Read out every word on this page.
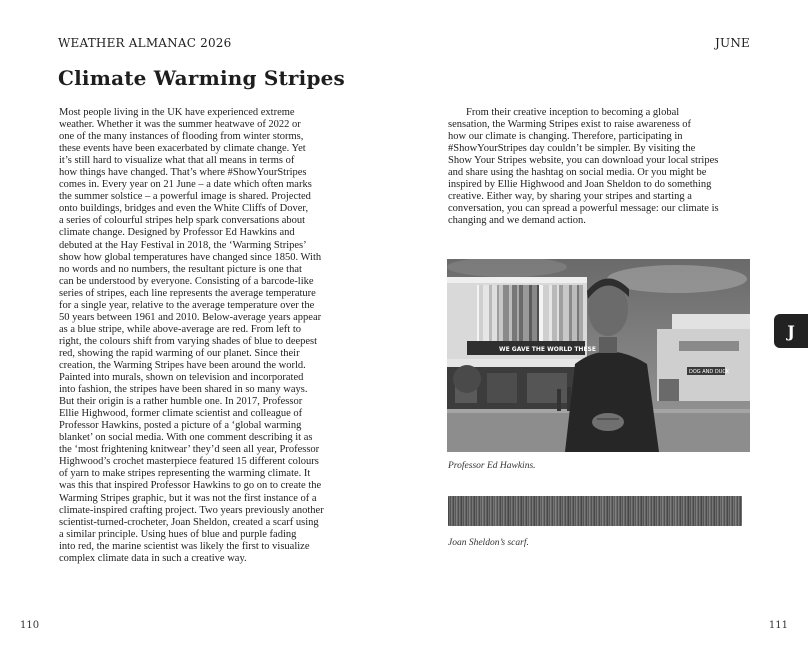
WEATHER ALMANAC 2026
Climate Warming Stripes

Most people living in the UK have experienced extreme

weather. Whether it was the summer heatwave of 2022 or

one of the many instances of flooding from winter storms,

these events have been exacerbated by climate change. Yet

it’s still hard to visualize what that all means in terms of

how things have changed. That’s where #ShowYourStripes

comes in. Every year on 21 June – a date which often marks

the summer solstice – a powerful image is shared. Projected

onto buildings, bridges and even the White Cliffs of Dover,

a series of colourful stripes help spark conversations about

climate change. Designed by Professor Ed Hawkins and

debuted at the Hay Festival in 2018, the ‘Warming Stripes’

show how global temperatures have changed since 1850. With

no words and no numbers, the resultant picture is one that

can be understood by everyone. Consisting of a barcode-like

series of stripes, each line represents the average temperature

for a single year, relative to the average temperature over the

50 years between 1961 and 2010. Below-average years appear

as a blue stripe, while above-average are red. From left to

right, the colours shift from varying shades of blue to deepest

red, showing the rapid warming of our planet. Since their

creation, the Warming Stripes have been around the world.

Painted into murals, shown on television and incorporated

into fashion, the stripes have been shared in so many ways.

But their origin is a rather humble one. In 2017, Professor

Ellie Highwood, former climate scientist and colleague of

Professor Hawkins, posted a picture of a ‘global warming

blanket’ on social media. With one comment describing it as

the ‘most frightening knitwear’ they’d seen all year, Professor

Highwood’s crochet masterpiece featured 15 different colours

of yarn to make stripes representing the warming climate. It

was this that inspired Professor Hawkins to go on to create the

Warming Stripes graphic, but it was not the first instance of a

climate-inspired crafting project. Two years previously another

scientist-turned-crocheter, Joan Sheldon, created a scarf using

a similar principle. Using hues of blue and purple fading

into red, the marine scientist was likely the first to visualize

complex climate data in such a creative way.

110
JUNE

From their creative inception to becoming a global

sensation, the Warming Stripes exist to raise awareness of

how our climate is changing. Therefore, participating in

#ShowYourStripes day couldn’t be simpler. By visiting the

Show Your Stripes website, you can download your local stripes

and share using the hashtag on social media. Or you might be

inspired by Ellie Highwood and Joan Sheldon to do something

creative. Either way, by sharing your stripes and starting a

conversation, you can spread a powerful message: our climate is

changing and we demand action.

WE GAVE THE WORLD THESE
DOG AND DUCK
Professor Ed Hawkins.
Joan Sheldon’s scarf.
J
111
